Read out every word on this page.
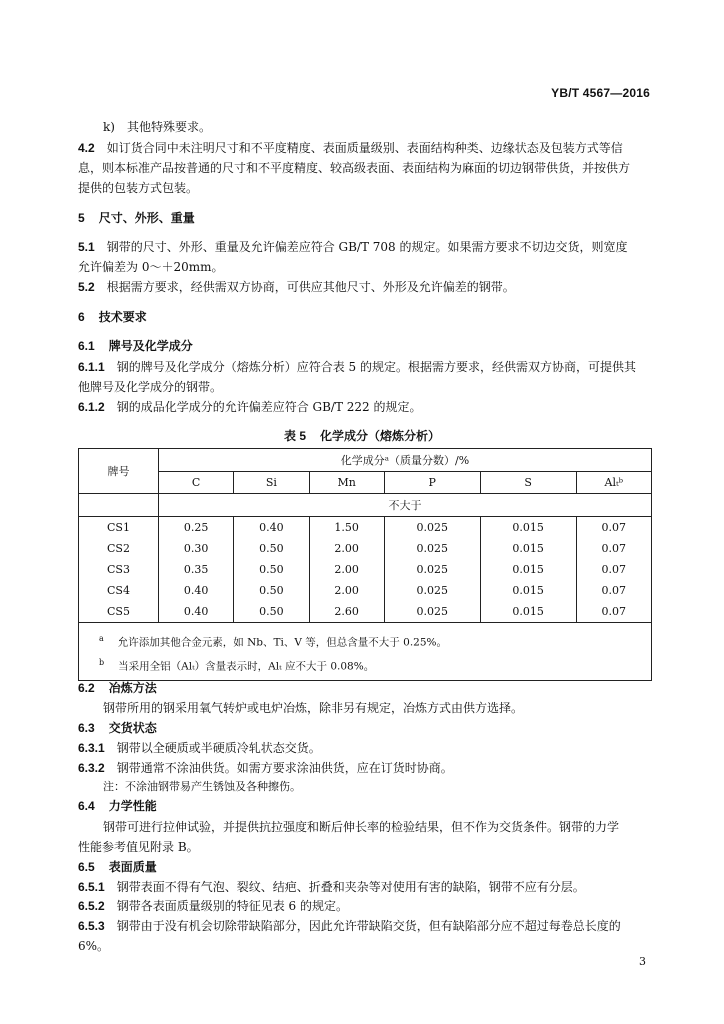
YB/T 4567—2016
k)　其他特殊要求。
4.2 如订货合同中未注明尺寸和不平度精度、表面质量级别、表面结构种类、边缘状态及包装方式等信
息，则本标准产品按普通的尺寸和不平度精度、较高级表面、表面结构为麻面的切边钢带供货，并按供方
提供的包装方式包装。
5 尺寸、外形、重量
5.1 钢带的尺寸、外形、重量及允许偏差应符合 GB/T 708 的规定。如果需方要求不切边交货，则宽度
允许偏差为 0～＋20mm。
5.2 根据需方要求，经供需双方协商，可供应其他尺寸、外形及允许偏差的钢带。
6 技术要求
6.1 牌号及化学成分
6.1.1 钢的牌号及化学成分（熔炼分析）应符合表 5 的规定。根据需方要求，经供需双方协商，可提供其
他牌号及化学成分的钢带。
6.1.2 钢的成品化学成分的允许偏差应符合 GB/T 222 的规定。
表 5 化学成分（熔炼分析）
牌号	化学成分ᵃ（质量分数）/%					
	C	Si	Mn	P	S	Alₜᵇ
	不大于					
CS1	0.25	0.40	1.50	0.025	0.015	0.07
CS2	0.30	0.50	2.00	0.025	0.015	0.07
CS3	0.35	0.50	2.00	0.025	0.015	0.07
CS4	0.40	0.50	2.00	0.025	0.015	0.07
CS5	0.40	0.50	2.60	0.025	0.015	0.07

$^a$ 允许添加其他合金元素，如 Nb、Ti、V 等，但总含量不大于 0.25%。
$^b$ 当采用全铝（Alₜ）含量表示时，Alₜ 应不大于 0.08%。						
6.2 冶炼方法
钢带所用的钢采用氧气转炉或电炉冶炼，除非另有规定，冶炼方式由供方选择。
6.3 交货状态
6.3.1 钢带以全硬质或半硬质冷轧状态交货。
6.3.2 钢带通常不涂油供货。如需方要求涂油供货，应在订货时协商。
注：不涂油钢带易产生锈蚀及各种擦伤。
6.4 力学性能
钢带可进行拉伸试验，并提供抗拉强度和断后伸长率的检验结果，但不作为交货条件。钢带的力学
性能参考值见附录 B。
6.5 表面质量
6.5.1 钢带表面不得有气泡、裂纹、结疤、折叠和夹杂等对使用有害的缺陷，钢带不应有分层。
6.5.2 钢带各表面质量级别的特征见表 6 的规定。
6.5.3 钢带由于没有机会切除带缺陷部分，因此允许带缺陷交货，但有缺陷部分应不超过每卷总长度的
6%。
3
